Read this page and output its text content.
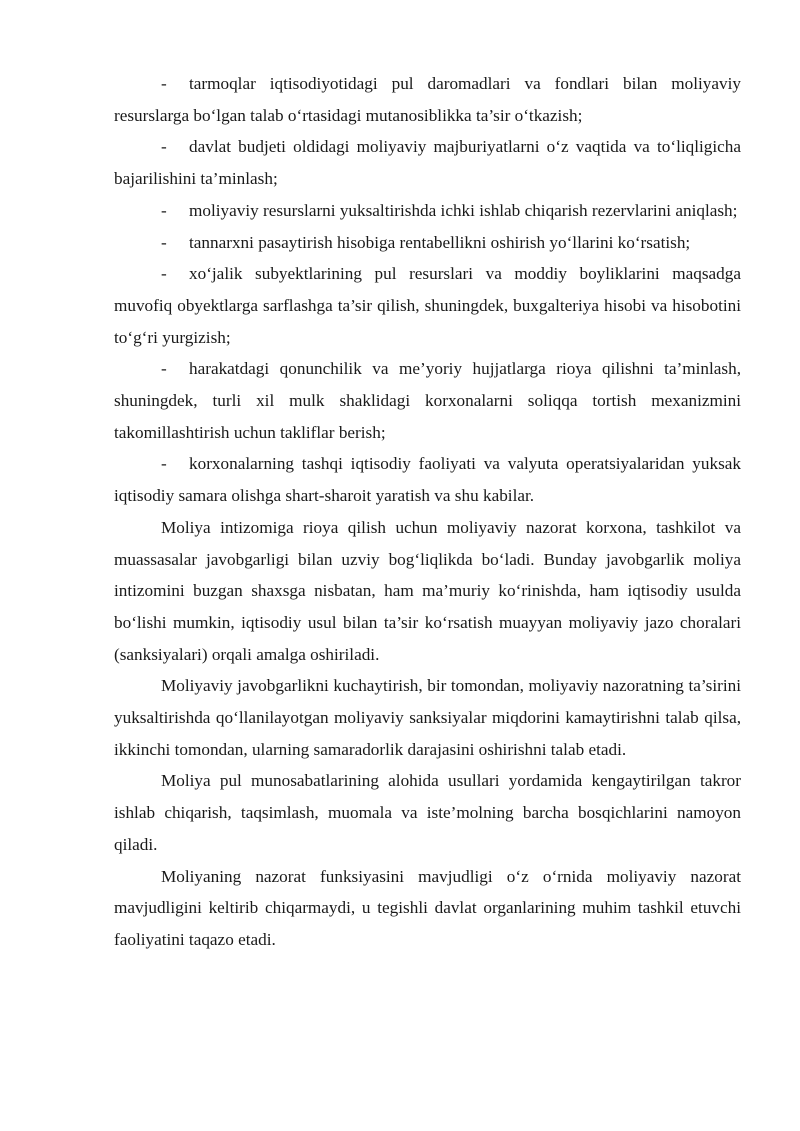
- tarmoqlar iqtisodiyotidagi pul daromadlari va fondlari bilan moliyaviy resurslarga bo‘lgan talab o‘rtasidagi mutanosiblikka ta’sir o‘tkazish;

- davlat budjeti oldidagi moliyaviy majburiyatlarni o‘z vaqtida va to‘liqligicha bajarilishini ta’minlash;

- moliyaviy resurslarni yuksaltirishda ichki ishlab chiqarish rezervlarini aniqlash;

- tannarxni pasaytirish hisobiga rentabellikni oshirish yo‘llarini ko‘rsatish;

- xo‘jalik subyektlarining pul resurslari va moddiy boyliklarini maqsadga muvofiq obyektlarga sarflashga ta’sir qilish, shuningdek, buxgalteriya hisobi va hisobotini to‘g‘ri yurgizish;

- harakatdagi qonunchilik va me’yoriy hujjatlarga rioya qilishni ta’minlash, shuningdek, turli xil mulk shaklidagi korxonalarni soliqqa tortish mexanizmini takomillashtirish uchun takliflar berish;

- korxonalarning tashqi iqtisodiy faoliyati va valyuta operatsiyalaridan yuksak iqtisodiy samara olishga shart-sharoit yaratish va shu kabilar.

Moliya intizomiga rioya qilish uchun moliyaviy nazorat korxona, tashkilot va muassasalar javobgarligi bilan uzviy bog‘liqlikda bo‘ladi. Bunday javobgarlik moliya intizomini buzgan shaxsga nisbatan, ham ma’muriy ko‘rinishda, ham iqtisodiy usulda bo‘lishi mumkin, iqtisodiy usul bilan ta’sir ko‘rsatish muayyan moliyaviy jazo choralari (sanksiyalari) orqali amalga oshiriladi.

Moliyaviy javobgarlikni kuchaytirish, bir tomondan, moliyaviy nazoratning ta’sirini yuksaltirishda qo‘llanilayotgan moliyaviy sanksiyalar miqdorini kamaytirishni talab qilsa, ikkinchi tomondan, ularning samaradorlik darajasini oshirishni talab etadi.

Moliya pul munosabatlarining alohida usullari yordamida kengaytirilgan takror ishlab chiqarish, taqsimlash, muomala va iste’molning barcha bosqichlarini namoyon qiladi.

Moliyaning nazorat funksiyasini mavjudligi o‘z o‘rnida moliyaviy nazorat mavjudligini keltirib chiqarmaydi, u tegishli davlat organlarining muhim tashkil etuvchi faoliyatini taqazo etadi.
